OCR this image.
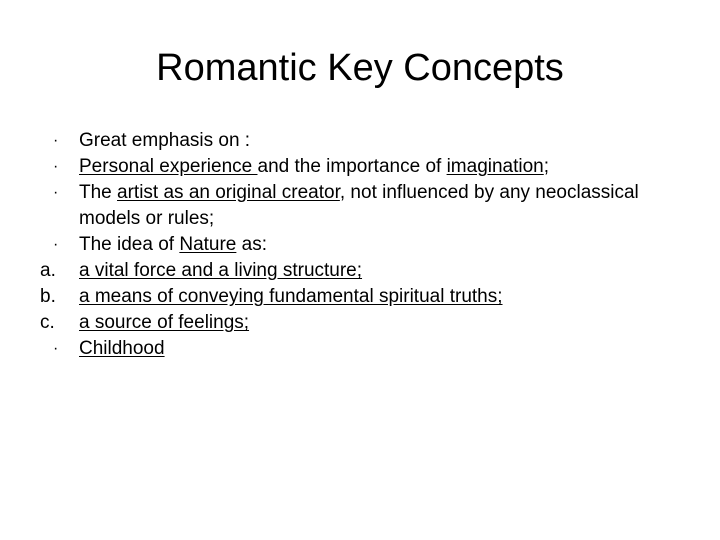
Romantic Key Concepts
·	Great emphasis on :
·	Personal experience and the importance of imagination;
·	The artist as an original creator, not influenced by any neoclassical models or rules;
·	The idea of Nature as:
a.	a vital force and a living structure;
b.	a means of conveying fundamental spiritual truths;
c.	a source of feelings;
·	Childhood
